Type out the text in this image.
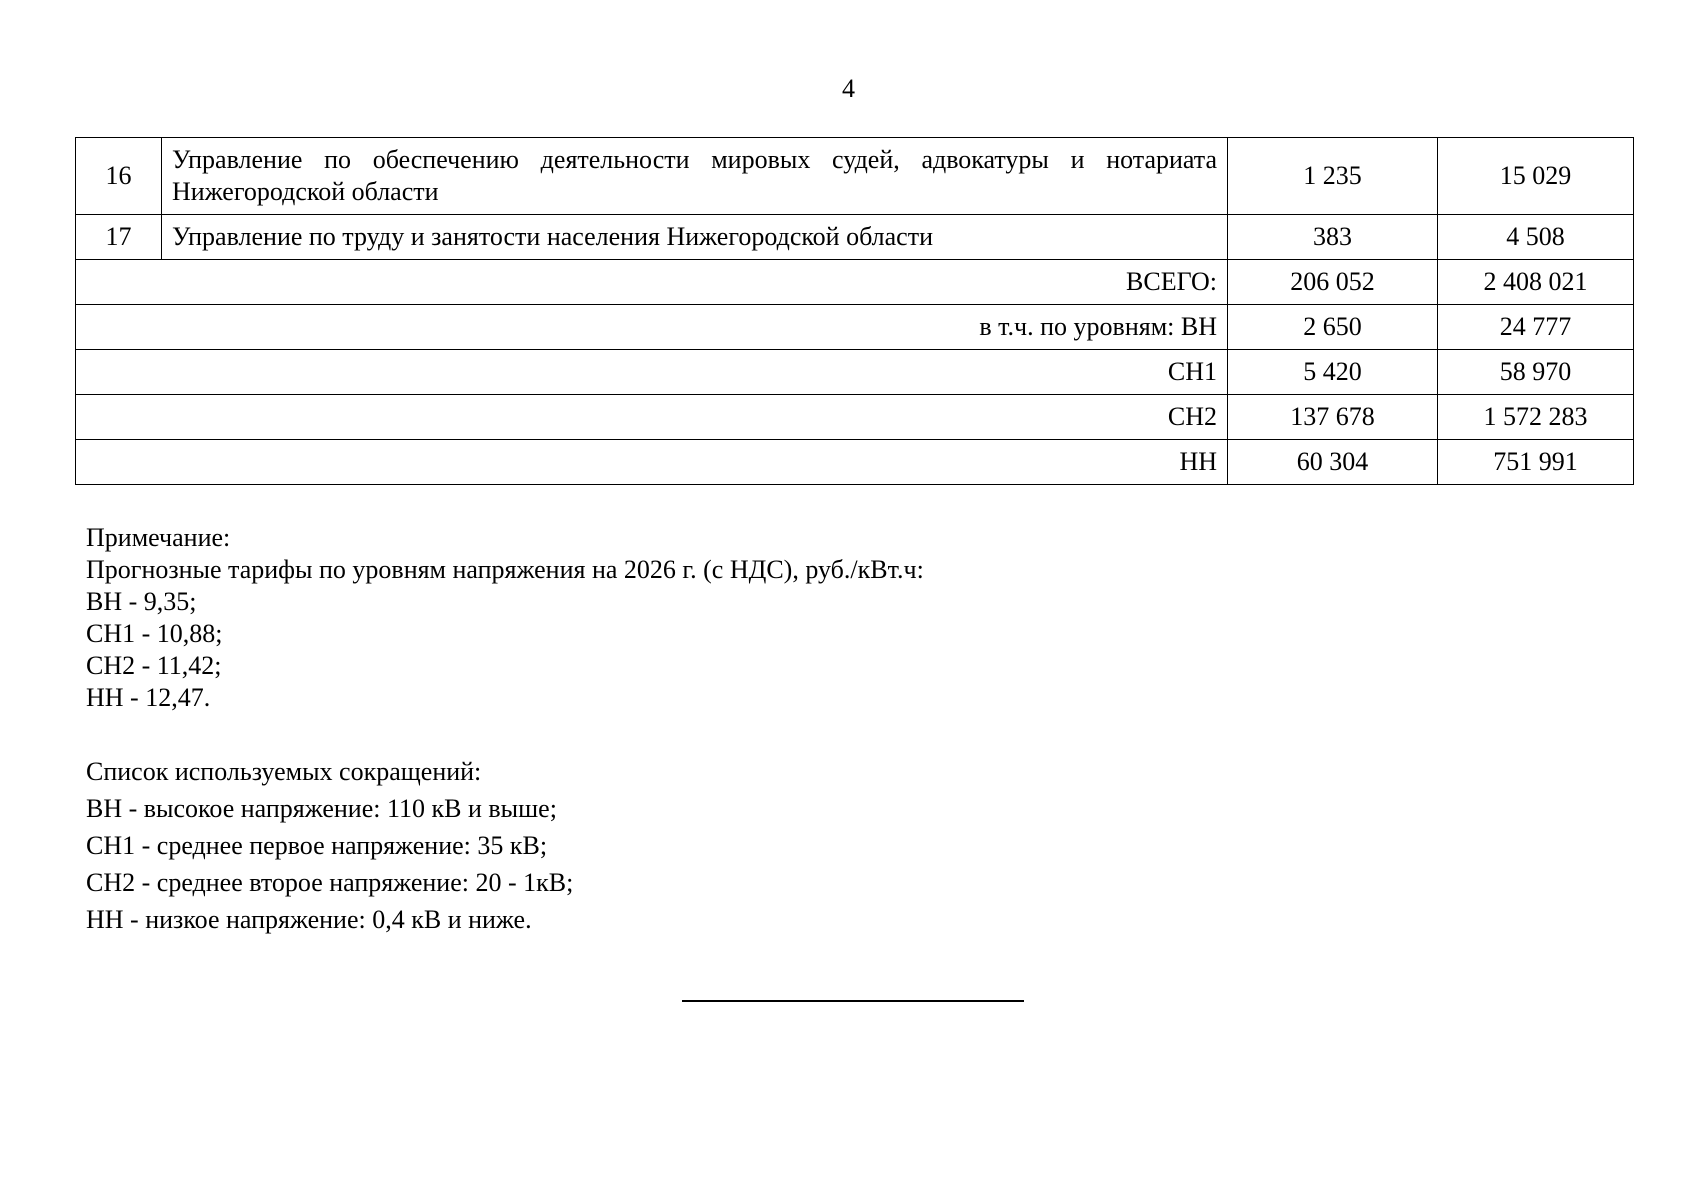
4
16	Управление по обеспечению деятельности мировых судей, адвокатуры и нотариата Нижегородской области	1 235	15 029
17	Управление по труду и занятости населения Нижегородской области	383	4 508
ВСЕГО:		206 052	2 408 021
в т.ч. по уровням: ВН		2 650	24 777
СН1		5 420	58 970
СН2		137 678	1 572 283
НН		60 304	751 991
Примечание:
Прогнозные тарифы по уровням напряжения на 2026 г. (с НДС), руб./кВт.ч:
ВН - 9,35;
СН1 - 10,88;
СН2 - 11,42;
НН - 12,47.
Список используемых сокращений:
ВН - высокое напряжение: 110 кВ и выше;
СН1 - среднее первое напряжение: 35 кВ;
СН2 - среднее второе напряжение: 20 - 1кВ;
НН - низкое напряжение: 0,4 кВ и ниже.
